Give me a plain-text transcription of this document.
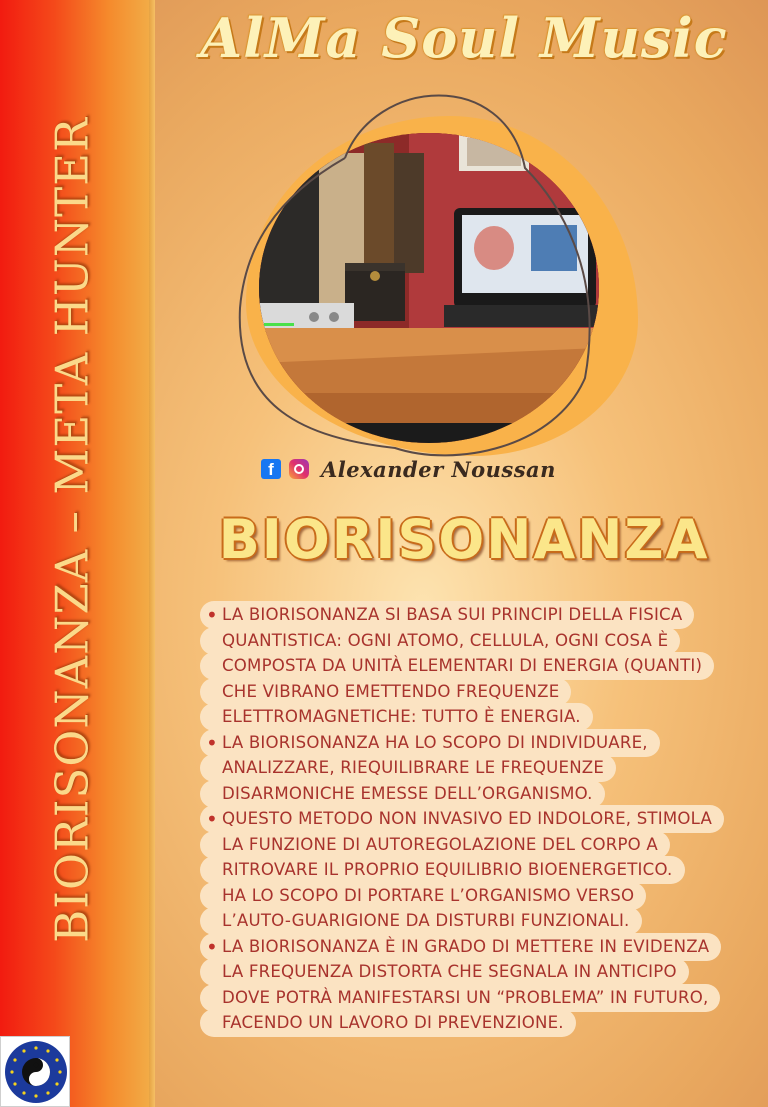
BIORISONANZA – META HUNTER
AlMa Soul Music
f	Alexander Noussan
BIORISONANZA
• LA BIORISONANZA SI BASA SUI PRINCIPI DELLA FISICA
QUANTISTICA: OGNI ATOMO, CELLULA, OGNI COSA È
COMPOSTA DA UNITÀ ELEMENTARI DI ENERGIA (QUANTI)
CHE VIBRANO EMETTENDO FREQUENZE
ELETTROMAGNETICHE: TUTTO È ENERGIA.
• LA BIORISONANZA HA LO SCOPO DI INDIVIDUARE,
ANALIZZARE, RIEQUILIBRARE LE FREQUENZE
DISARMONICHE EMESSE DELL’ORGANISMO.
• QUESTO METODO NON INVASIVO ED INDOLORE, STIMOLA
LA FUNZIONE DI AUTOREGOLAZIONE DEL CORPO A
RITROVARE IL PROPRIO EQUILIBRIO BIOENERGETICO.
HA LO SCOPO DI PORTARE L’ORGANISMO VERSO
L’AUTO-GUARIGIONE DA DISTURBI FUNZIONALI.
• LA BIORISONANZA È IN GRADO DI METTERE IN EVIDENZA
LA FREQUENZA DISTORTA CHE SEGNALA IN ANTICIPO
DOVE POTRÀ MANIFESTARSI UN “PROBLEMA” IN FUTURO,
FACENDO UN LAVORO DI PREVENZIONE.
